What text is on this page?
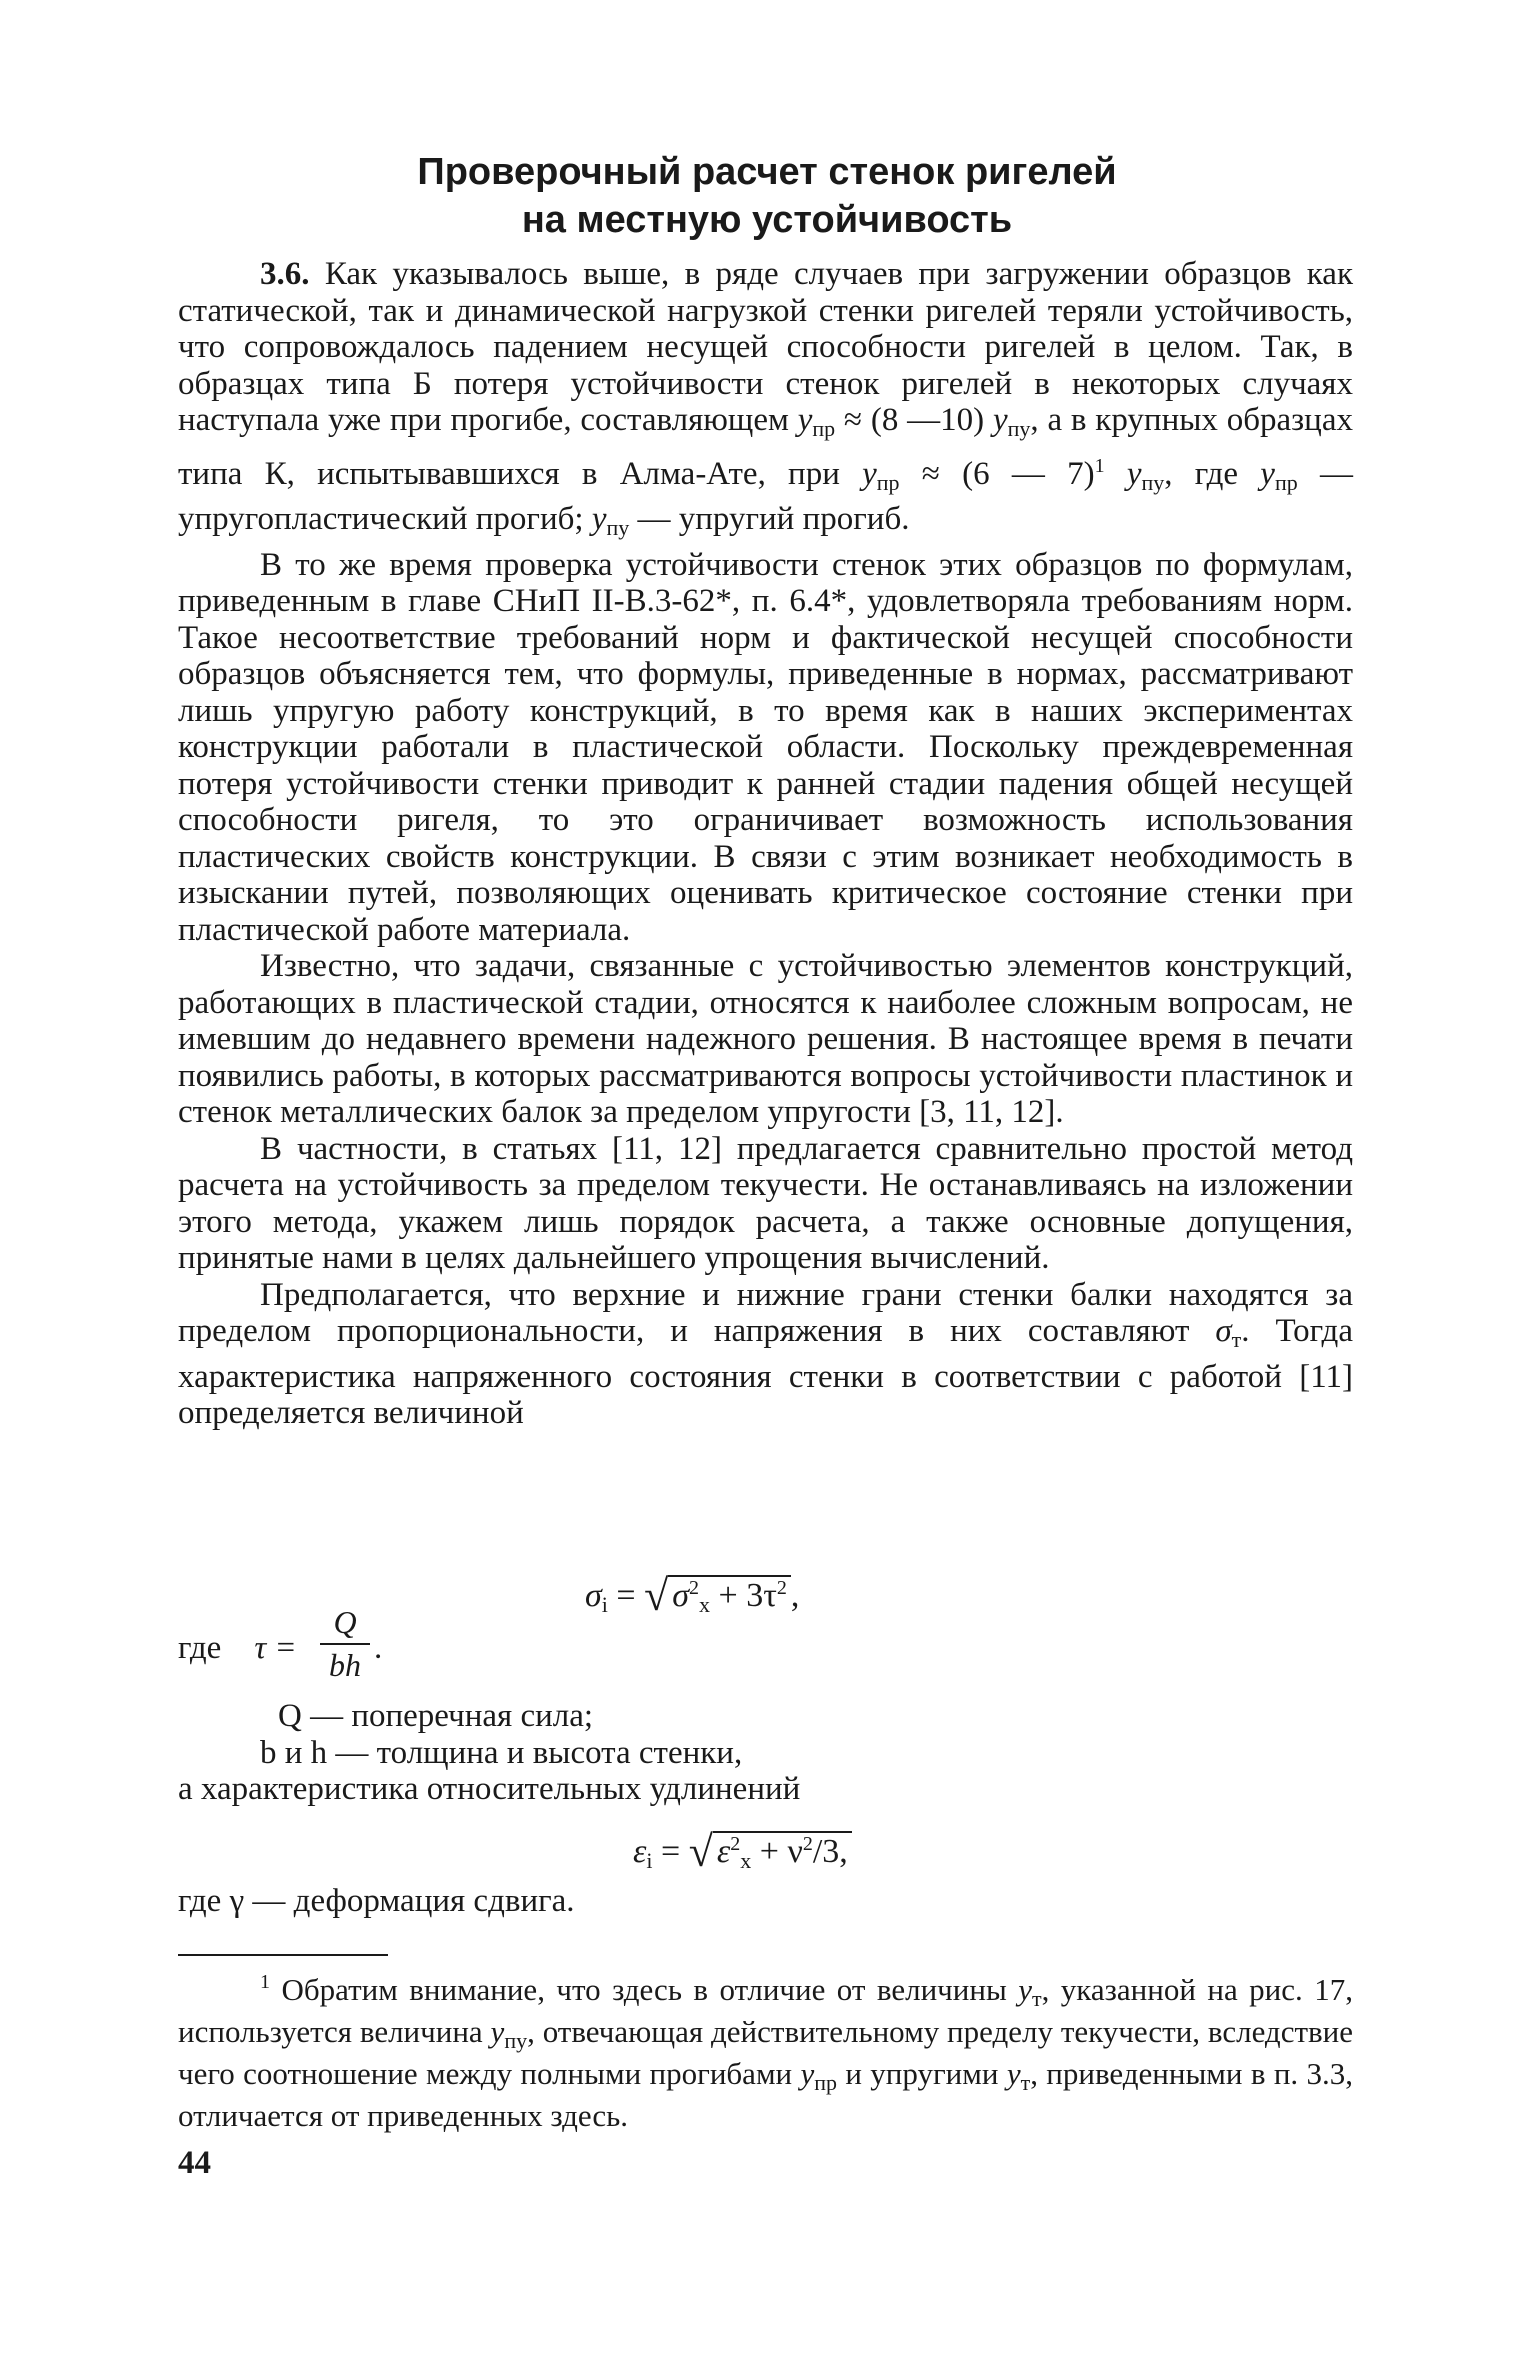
Проверочный расчет стенок ригелей
на местную устойчивость

3.6. Как указывалось выше, в ряде случаев при загружении образцов как статической, так и динамической нагрузкой стенки ригелей теряли устойчивость, что сопровождалось падением несущей способности ригелей в целом. Так, в образцах типа Б потеря устойчивости стенок ригелей в некоторых случаях наступала уже при прогибе, составляющем $y_{пр} \approx (8$ —10) $y_{пу}$, а в крупных образцах типа К, испытывавшихся в Алма-Ате, при $y_{пр} \approx (6$ — 7)$^1$ $y_{пу}$, где $y_{пр}$ — упругопластический прогиб; $y_{пу}$ — упругий прогиб.

В то же время проверка устойчивости стенок этих образцов по формулам, приведенным в главе СНиП II-В.3-62*, п. 6.4*, удовлетворяла требованиям норм. Такое несоответствие требований норм и фактической несущей способности образцов объясняется тем, что формулы, приведенные в нормах, рассматривают лишь упругую работу конструкций, в то время как в наших экспериментах конструкции работали в пластической области. Поскольку преждевременная потеря устойчивости стенки приводит к ранней стадии падения общей несущей способности ригеля, то это ограничивает возможность использования пластических свойств конструкции. В связи с этим возникает необходимость в изыскании путей, позволяющих оценивать критическое состояние стенки при пластической работе материала.

Известно, что задачи, связанные с устойчивостью элементов конструкций, работающих в пластической стадии, относятся к наиболее сложным вопросам, не имевшим до недавнего времени надежного решения. В настоящее время в печати появились работы, в которых рассматриваются вопросы устойчивости пластинок и стенок металлических балок за пределом упругости [3, 11, 12].

В частности, в статьях [11, 12] предлагается сравнительно простой метод расчета на устойчивость за пределом текучести. Не останавливаясь на изложении этого метода, укажем лишь порядок расчета, а также основные допущения, принятые нами в целях дальнейшего упрощения вычислений.

Предполагается, что верхние и нижние грани стенки балки находятся за пределом пропорциональности, и напряжения в них составляют $\sigma_т$. Тогда характеристика напряженного состояния стенки в соответствии с работой [11] определяется величиной

$\sigma_i$ = √ $\sigma^2_x + 3\tau^2$ ,
где τ =
Q
bh .
Q — поперечная сила;
b и h — толщина и высота стенки,
а характеристика относительных удлинений
$\varepsilon_i$ = √ $\varepsilon^2_x + \nu^2/3$,
где γ — деформация сдвига.

$^1$ Обратим внимание, что здесь в отличие от величины $y_т$, указанной на рис. 17, используется величина $y_{пу}$, отвечающая действительному пределу текучести, вследствие чего соотношение между полными прогибами $y_{пр}$ и упругими $y_т$, приведенными в п. 3.3, отличается от приведенных здесь.

44
